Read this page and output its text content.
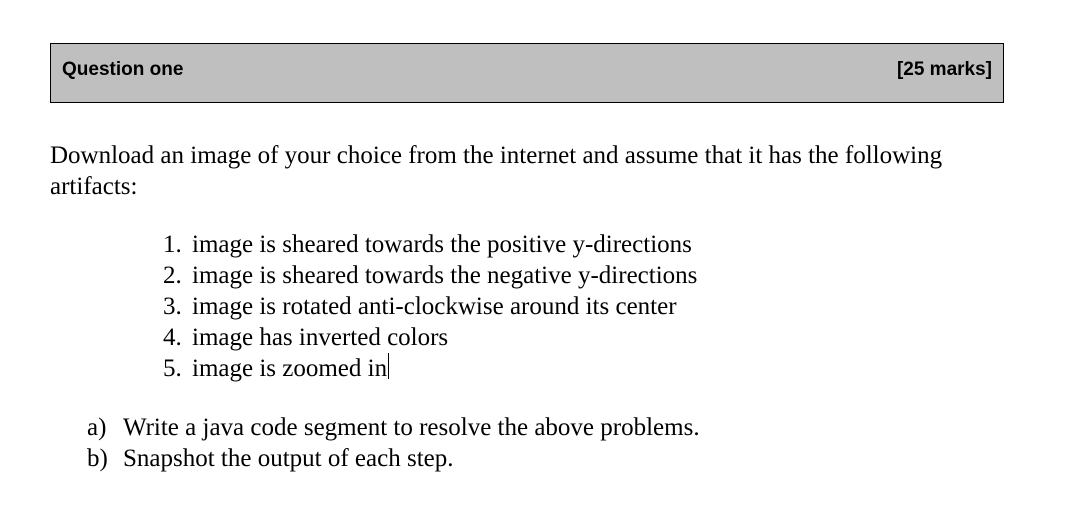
Question one	[25 marks]
Download an image of your choice from the internet and assume that it has the following artifacts:
1. image is sheared towards the positive y-directions
2. image is sheared towards the negative y-directions
3. image is rotated anti-clockwise around its center
4. image has inverted colors
5. image is zoomed in
a) Write a java code segment to resolve the above problems.
b) Snapshot the output of each step.
